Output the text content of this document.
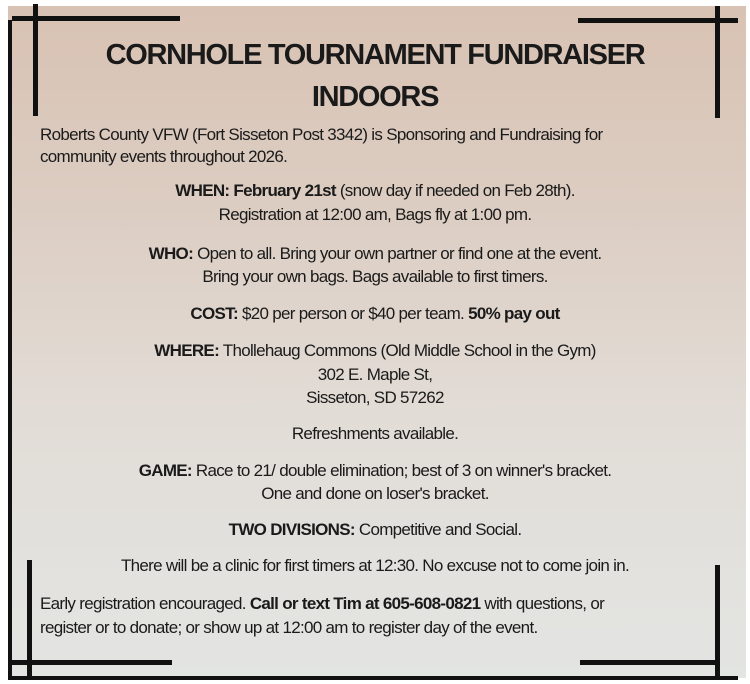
CORNHOLE TOURNAMENT FUNDRAISER
INDOORS
Roberts County VFW (Fort Sisseton Post 3342) is Sponsoring and Fundraising for
community events throughout 2026.
WHEN: February 21st (snow day if needed on Feb 28th).
Registration at 12:00 am, Bags fly at 1:00 pm.
WHO: Open to all. Bring your own partner or find one at the event.
Bring your own bags. Bags available to first timers.
COST: $20 per person or $40 per team. 50% pay out
WHERE: Thollehaug Commons (Old Middle School in the Gym)
302 E. Maple St,
Sisseton, SD 57262
Refreshments available.
GAME: Race to 21/ double elimination; best of 3 on winner's bracket.
One and done on loser's bracket.
TWO DIVISIONS: Competitive and Social.
There will be a clinic for first timers at 12:30. No excuse not to come join in.
Early registration encouraged. Call or text Tim at 605-608-0821 with questions, or
register or to donate; or show up at 12:00 am to register day of the event.
